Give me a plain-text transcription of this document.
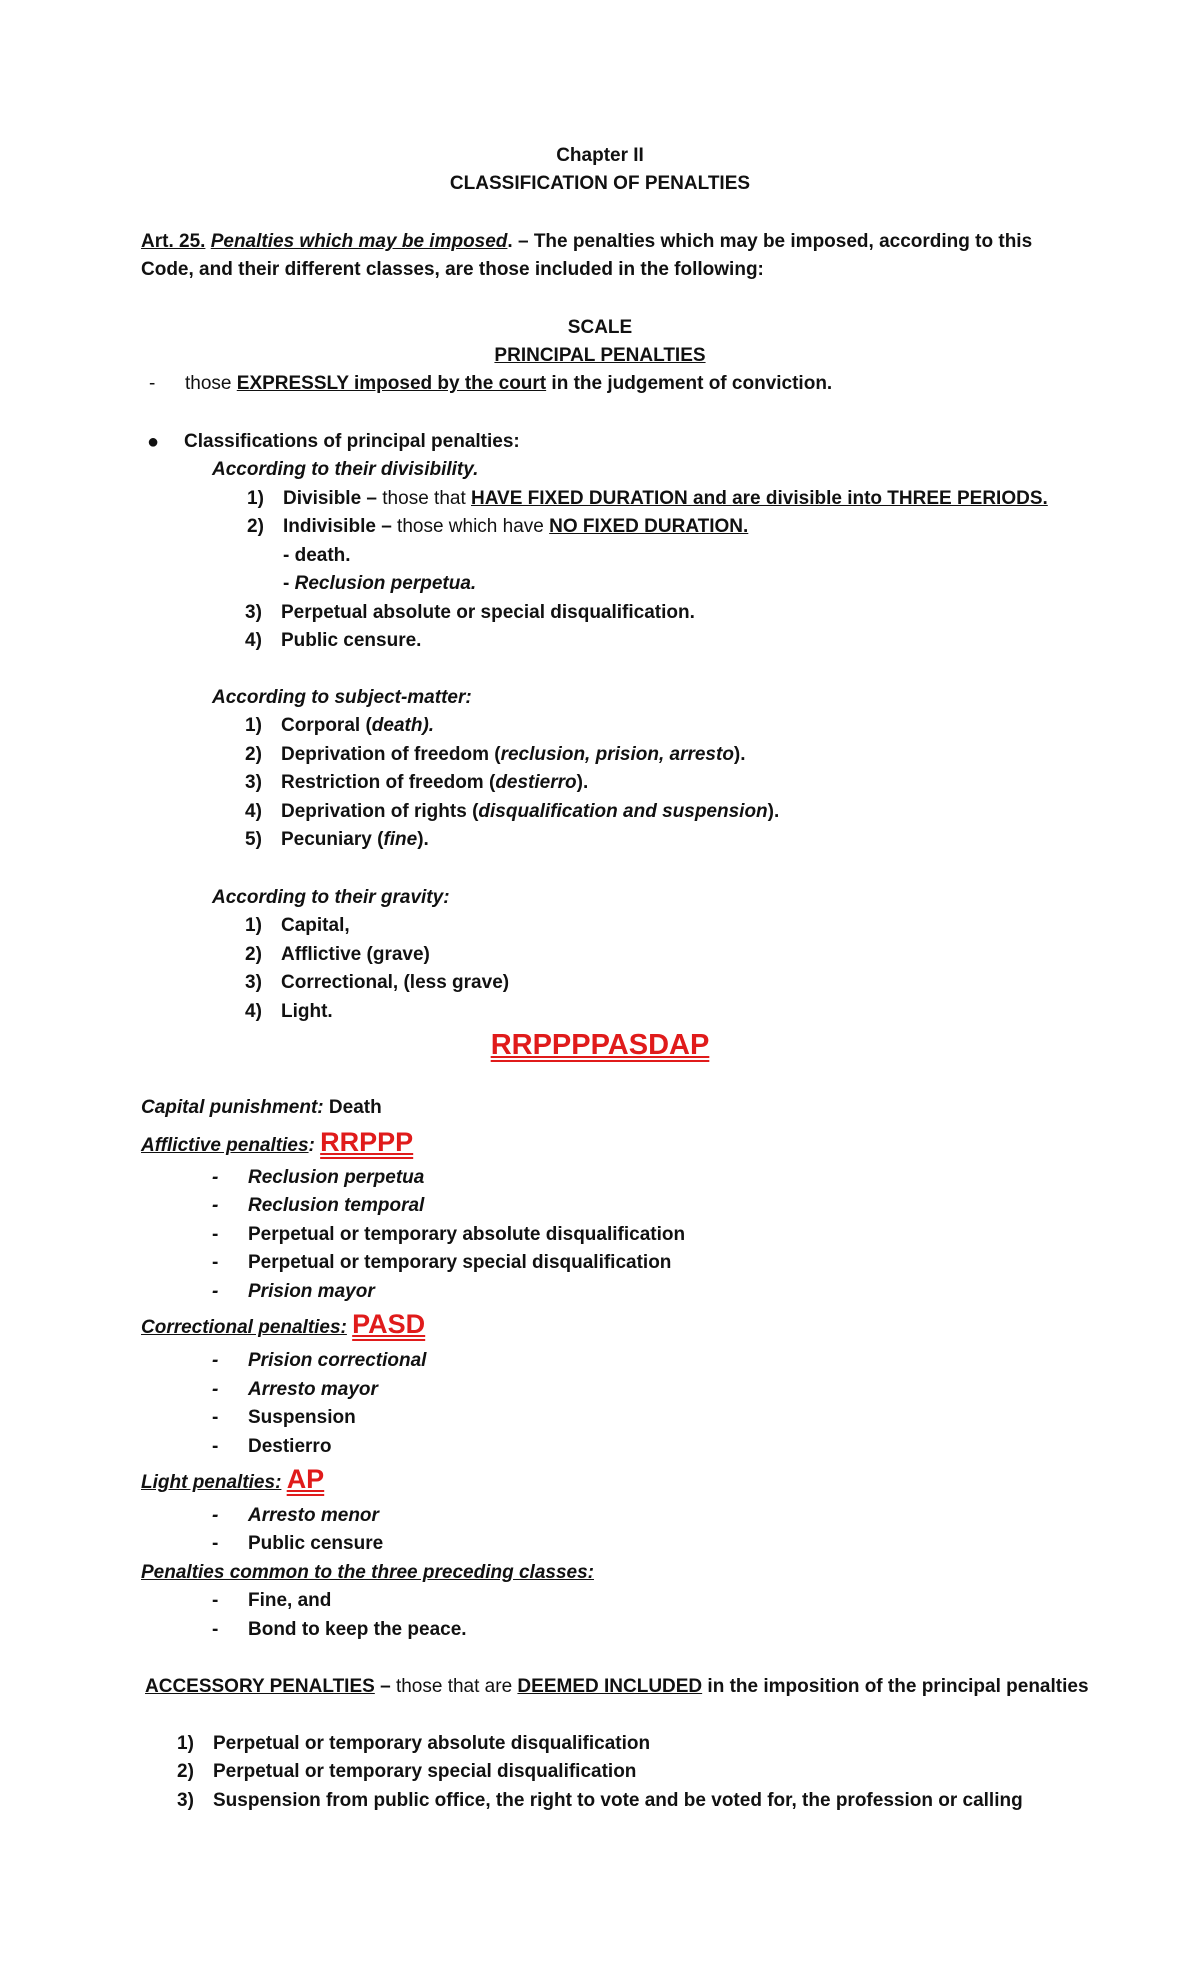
Chapter II
CLASSIFICATION OF PENALTIES
Art. 25. Penalties which may be imposed. – The penalties which may be imposed, according to this
Code, and their different classes, are those included in the following:
SCALE
PRINCIPAL PENALTIES
- those EXPRESSLY imposed by the court in the judgement of conviction.
● Classifications of principal penalties:
According to their divisibility.
1) Divisible – those that HAVE FIXED DURATION and are divisible into THREE PERIODS.
2) Indivisible – those which have NO FIXED DURATION.
- death.
- Reclusion perpetua.
3) Perpetual absolute or special disqualification.
4) Public censure.
According to subject-matter:
1) Corporal (death).
2) Deprivation of freedom (reclusion, prision, arresto).
3) Restriction of freedom (destierro).
4) Deprivation of rights (disqualification and suspension).
5) Pecuniary (fine).
According to their gravity:
1) Capital,
2) Afflictive (grave)
3) Correctional, (less grave)
4) Light.
RRPPPPASDAP
Capital punishment: Death
Afflictive penalties: RRPPP
- Reclusion perpetua
- Reclusion temporal
- Perpetual or temporary absolute disqualification
- Perpetual or temporary special disqualification
- Prision mayor
Correctional penalties: PASD
- Prision correctional
- Arresto mayor
- Suspension
- Destierro
Light penalties: AP
- Arresto menor
- Public censure
Penalties common to the three preceding classes:
- Fine, and
- Bond to keep the peace.
ACCESSORY PENALTIES – those that are DEEMED INCLUDED in the imposition of the principal penalties
1) Perpetual or temporary absolute disqualification
2) Perpetual or temporary special disqualification
3) Suspension from public office, the right to vote and be voted for, the profession or calling
